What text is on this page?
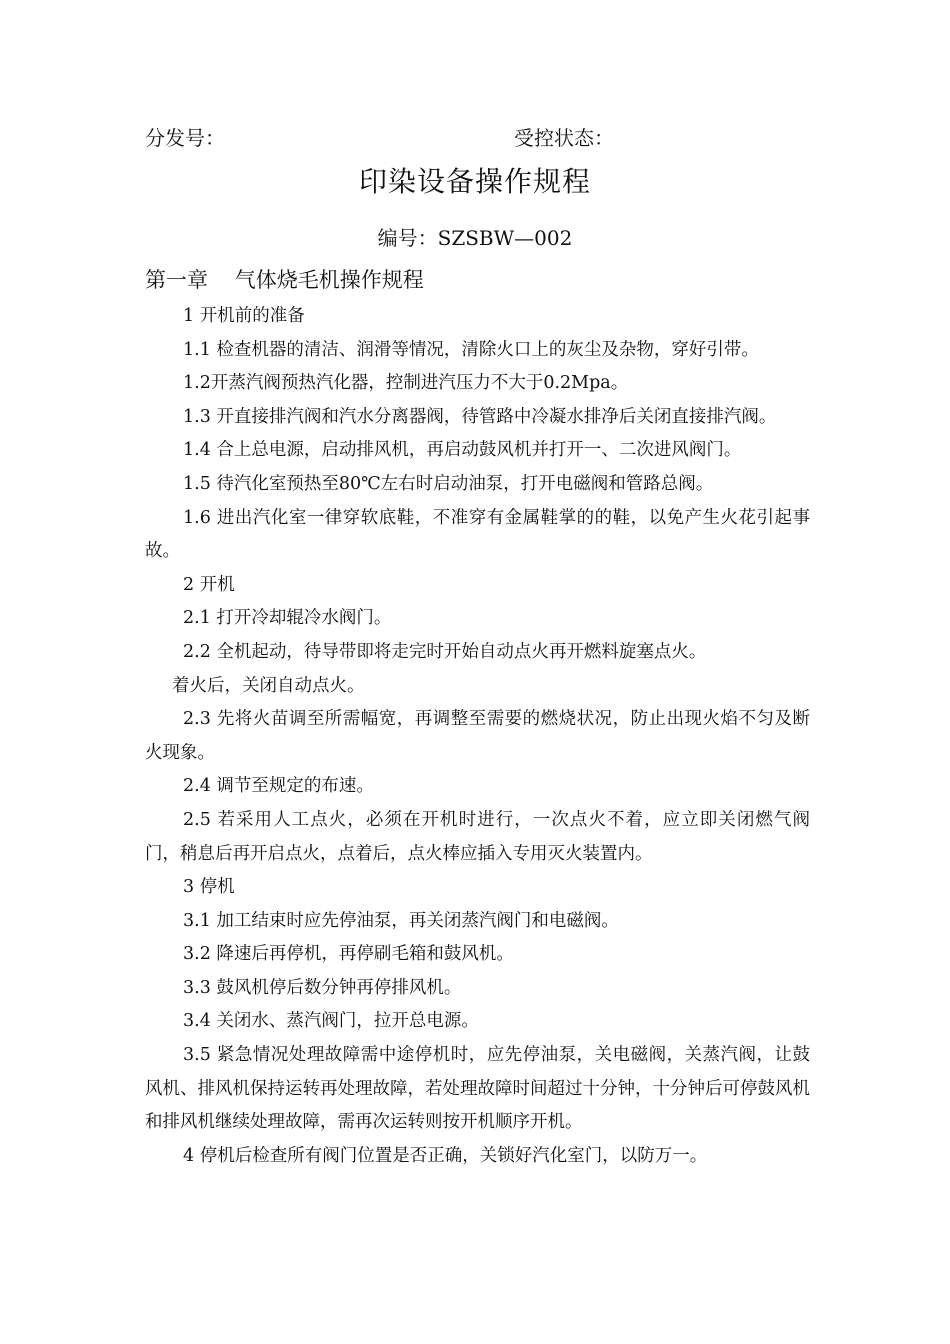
分发号：	受控状态：
印染设备操作规程
编号：SZSBW—002
第一章    气体烧毛机操作规程

1 开机前的准备

1.1 检查机器的清洁、润滑等情况，清除火口上的灰尘及杂物，穿好引带。

1.2开蒸汽阀预热汽化器，控制进汽压力不大于0.2Mpa。

1.3 开直接排汽阀和汽水分离器阀，待管路中冷凝水排净后关闭直接排汽阀。

1.4 合上总电源，启动排风机，再启动鼓风机并打开一、二次进风阀门。

1.5 待汽化室预热至80℃左右时启动油泵，打开电磁阀和管路总阀。

1.6 进出汽化室一律穿软底鞋，不准穿有金属鞋掌的的鞋，以免产生火花引起事故。

2 开机

2.1 打开冷却辊冷水阀门。

2.2 全机起动，待导带即将走完时开始自动点火再开燃料旋塞点火。

着火后，关闭自动点火。

2.3 先将火苗调至所需幅宽，再调整至需要的燃烧状况，防止出现火焰不匀及断火现象。

2.4 调节至规定的布速。

2.5 若采用人工点火，必须在开机时进行，一次点火不着，应立即关闭燃气阀门，稍息后再开启点火，点着后，点火棒应插入专用灭火装置内。

3 停机

3.1 加工结束时应先停油泵，再关闭蒸汽阀门和电磁阀。

3.2 降速后再停机，再停刷毛箱和鼓风机。

3.3 鼓风机停后数分钟再停排风机。

3.4 关闭水、蒸汽阀门，拉开总电源。

3.5 紧急情况处理故障需中途停机时，应先停油泵，关电磁阀，关蒸汽阀，让鼓风机、排风机保持运转再处理故障，若处理故障时间超过十分钟，十分钟后可停鼓风机和排风机继续处理故障，需再次运转则按开机顺序开机。

4 停机后检查所有阀门位置是否正确，关锁好汽化室门，以防万一。
